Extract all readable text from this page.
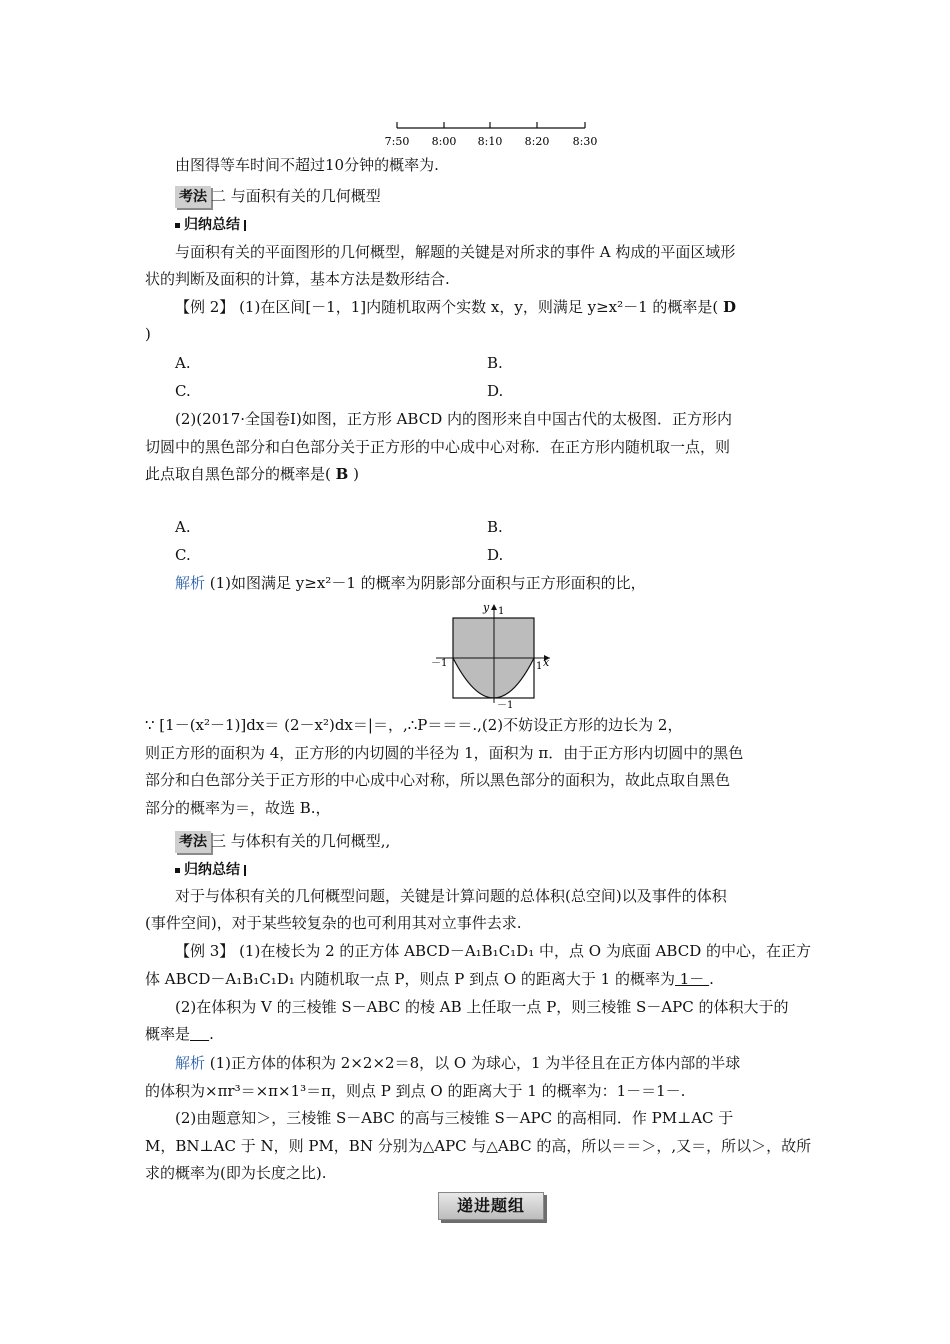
7:50 8:00 8:10 8:20 8:30
由图得等车时间不超过10分钟的概率为.
考法 二 与面积有关的几何概型
归纳总结
与面积有关的平面图形的几何概型，解题的关键是对所求的事件 A 构成的平面区域形
状的判断及面积的计算，基本方法是数形结合.
【例 2】 (1)在区间[－1，1]内随机取两个实数 x，y，则满足 y≥x²－1 的概率是( D
)
A.	B.
C.	D.
(2)(2017·全国卷Ⅰ)如图，正方形 ABCD 内的图形来自中国古代的太极图．正方形内
切圆中的黑色部分和白色部分关于正方形的中心成中心对称．在正方形内随机取一点，则
此点取自黑色部分的概率是( B )
A.	B.
C.	D.
解析 (1)如图满足 y≥x²－1 的概率为阴影部分面积与正方形面积的比，
y 1
x
－1	1
－1
∵ [1－(x²－1)]dx＝ (2－x²)dx＝|＝，,∴P＝＝＝.,(2)不妨设正方形的边长为 2，
则正方形的面积为 4，正方形的内切圆的半径为 1，面积为 π．由于正方形内切圆中的黑色
部分和白色部分关于正方形的中心成中心对称，所以黑色部分的面积为，故此点取自黑色
部分的概率为＝，故选 B.，
考法 三 与体积有关的几何概型,,
归纳总结
对于与体积有关的几何概型问题，关键是计算问题的总体积(总空间)以及事件的体积
(事件空间)，对于某些较复杂的也可利用其对立事件去求.
【例 3】 (1)在棱长为 2 的正方体 ABCD－A₁B₁C₁D₁ 中，点 O 为底面 ABCD 的中心，在正方
体 ABCD－A₁B₁C₁D₁ 内随机取一点 P，则点 P 到点 O 的距离大于 1 的概率为 1－ .
(2)在体积为 V 的三棱锥 S－ABC 的棱 AB 上任取一点 P，则三棱锥 S－APC 的体积大于的
概率是 .
解析 (1)正方体的体积为 2×2×2＝8，以 O 为球心，1 为半径且在正方体内部的半球
的体积为×πr³＝×π×1³＝π，则点 P 到点 O 的距离大于 1 的概率为：1－＝1－.
(2)由题意知＞，三棱锥 S－ABC 的高与三棱锥 S－APC 的高相同．作 PM⊥AC 于
M，BN⊥AC 于 N，则 PM，BN 分别为△APC 与△ABC 的高，所以＝＝＞，,又＝，所以＞，故所
求的概率为(即为长度之比).
递进题组
